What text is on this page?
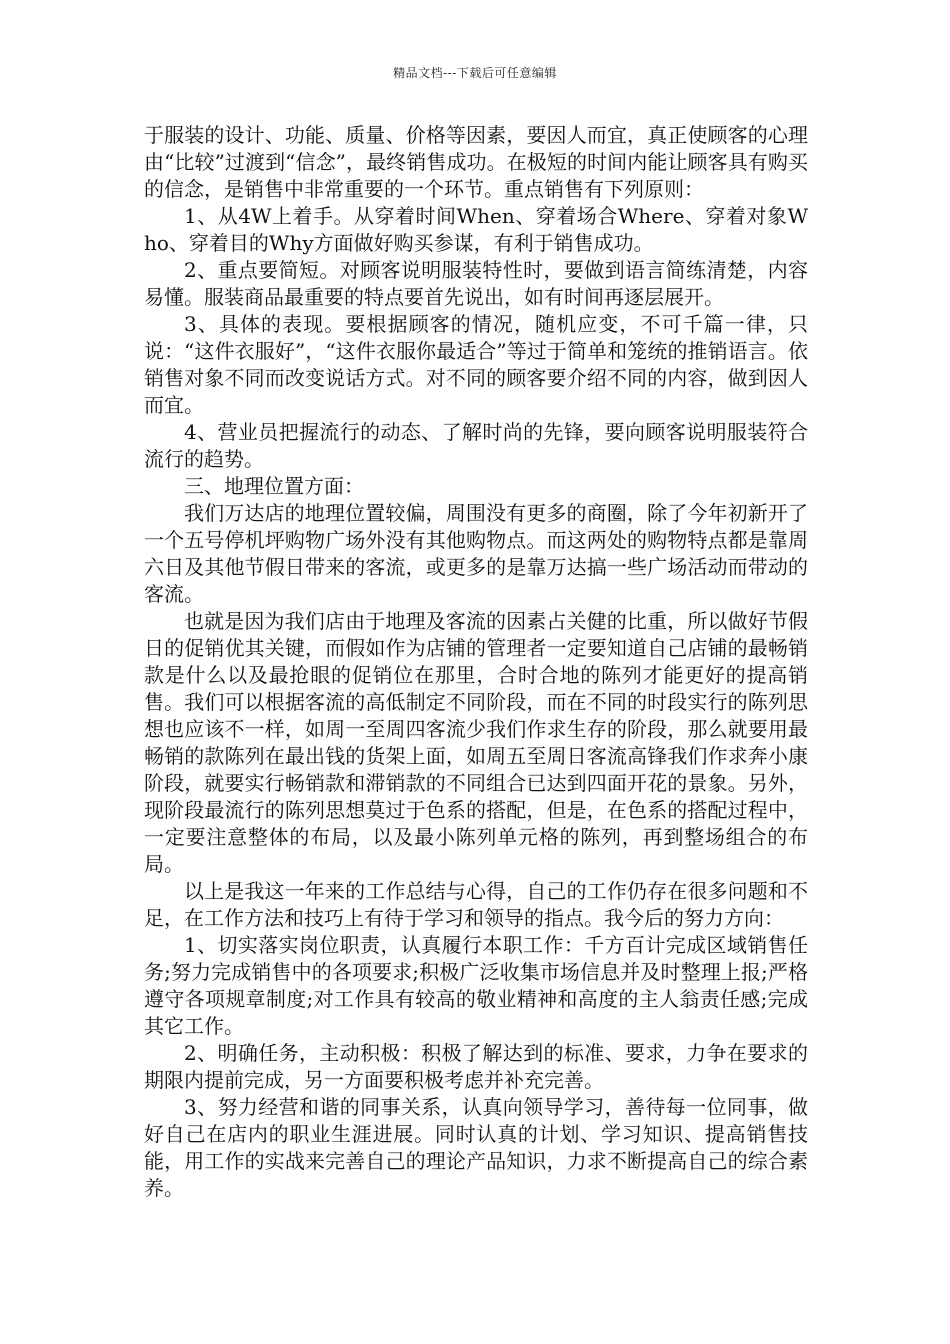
精品文档---下载后可任意编辑

于服装的设计、功能、质量、价格等因素，要因人而宜，真正使顾客的心理由“比较”过渡到“信念”，最终销售成功。在极短的时间内能让顾客具有购买的信念，是销售中非常重要的一个环节。重点销售有下列原则：

1、从4W上着手。从穿着时间When、穿着场合Where、穿着对象Who、穿着目的Why方面做好购买参谋，有利于销售成功。

2、重点要简短。对顾客说明服装特性时，要做到语言简练清楚，内容易懂。服装商品最重要的特点要首先说出，如有时间再逐层展开。

3、具体的表现。要根据顾客的情况，随机应变，不可千篇一律，只说：“这件衣服好”，“这件衣服你最适合”等过于简单和笼统的推销语言。依销售对象不同而改变说话方式。对不同的顾客要介绍不同的内容，做到因人而宜。

4、营业员把握流行的动态、了解时尚的先锋，要向顾客说明服装符合流行的趋势。

三、地理位置方面：

我们万达店的地理位置较偏，周围没有更多的商圈，除了今年初新开了一个五号停机坪购物广场外没有其他购物点。而这两处的购物特点都是靠周六日及其他节假日带来的客流，或更多的是靠万达搞一些广场活动而带动的客流。

也就是因为我们店由于地理及客流的因素占关健的比重，所以做好节假日的促销优其关键，而假如作为店铺的管理者一定要知道自己店铺的最畅销款是什么以及最抢眼的促销位在那里，合时合地的陈列才能更好的提高销售。我们可以根据客流的高低制定不同阶段，而在不同的时段实行的陈列思想也应该不一样，如周一至周四客流少我们作求生存的阶段，那么就要用最畅销的款陈列在最出钱的货架上面，如周五至周日客流高锋我们作求奔小康阶段，就要实行畅销款和滞销款的不同组合已达到四面开花的景象。另外，现阶段最流行的陈列思想莫过于色系的搭配，但是，在色系的搭配过程中，一定要注意整体的布局，以及最小陈列单元格的陈列，再到整场组合的布局。

以上是我这一年来的工作总结与心得，自己的工作仍存在很多问题和不足，在工作方法和技巧上有待于学习和领导的指点。我今后的努力方向：

1、切实落实岗位职责，认真履行本职工作：千方百计完成区域销售任务;努力完成销售中的各项要求;积极广泛收集市场信息并及时整理上报;严格遵守各项规章制度;对工作具有较高的敬业精神和高度的主人翁责任感;完成其它工作。

2、明确任务，主动积极：积极了解达到的标准、要求，力争在要求的期限内提前完成，另一方面要积极考虑并补充完善。

3、努力经营和谐的同事关系，认真向领导学习，善待每一位同事，做好自己在店内的职业生涯进展。同时认真的计划、学习知识、提高销售技能，用工作的实战来完善自己的理论产品知识，力求不断提高自己的综合素养。
